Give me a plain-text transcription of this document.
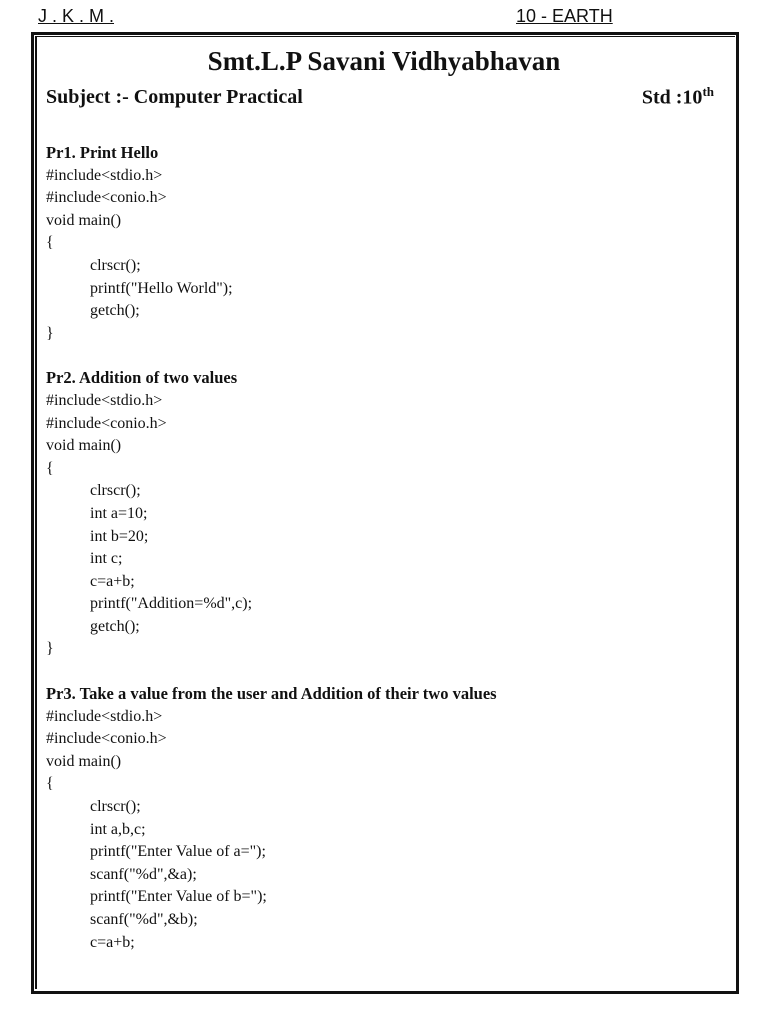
J . K . M .	10 - EARTH
Smt.L.P Savani Vidhyabhavan
Subject :- Computer Practical	Std :10th
Pr1. Print Hello
#include<stdio.h>
#include<conio.h>
void main()
{
clrscr();
printf("Hello World");
getch();
}
Pr2. Addition of two values
#include<stdio.h>
#include<conio.h>
void main()
{
clrscr();
int a=10;
int b=20;
int c;
c=a+b;
printf("Addition=%d",c);
getch();
}
Pr3. Take a value from the user and Addition of their two values
#include<stdio.h>
#include<conio.h>
void main()
{
clrscr();
int a,b,c;
printf("Enter Value of a=");
scanf("%d",&a);
printf("Enter Value of b=");
scanf("%d",&b);
c=a+b;
